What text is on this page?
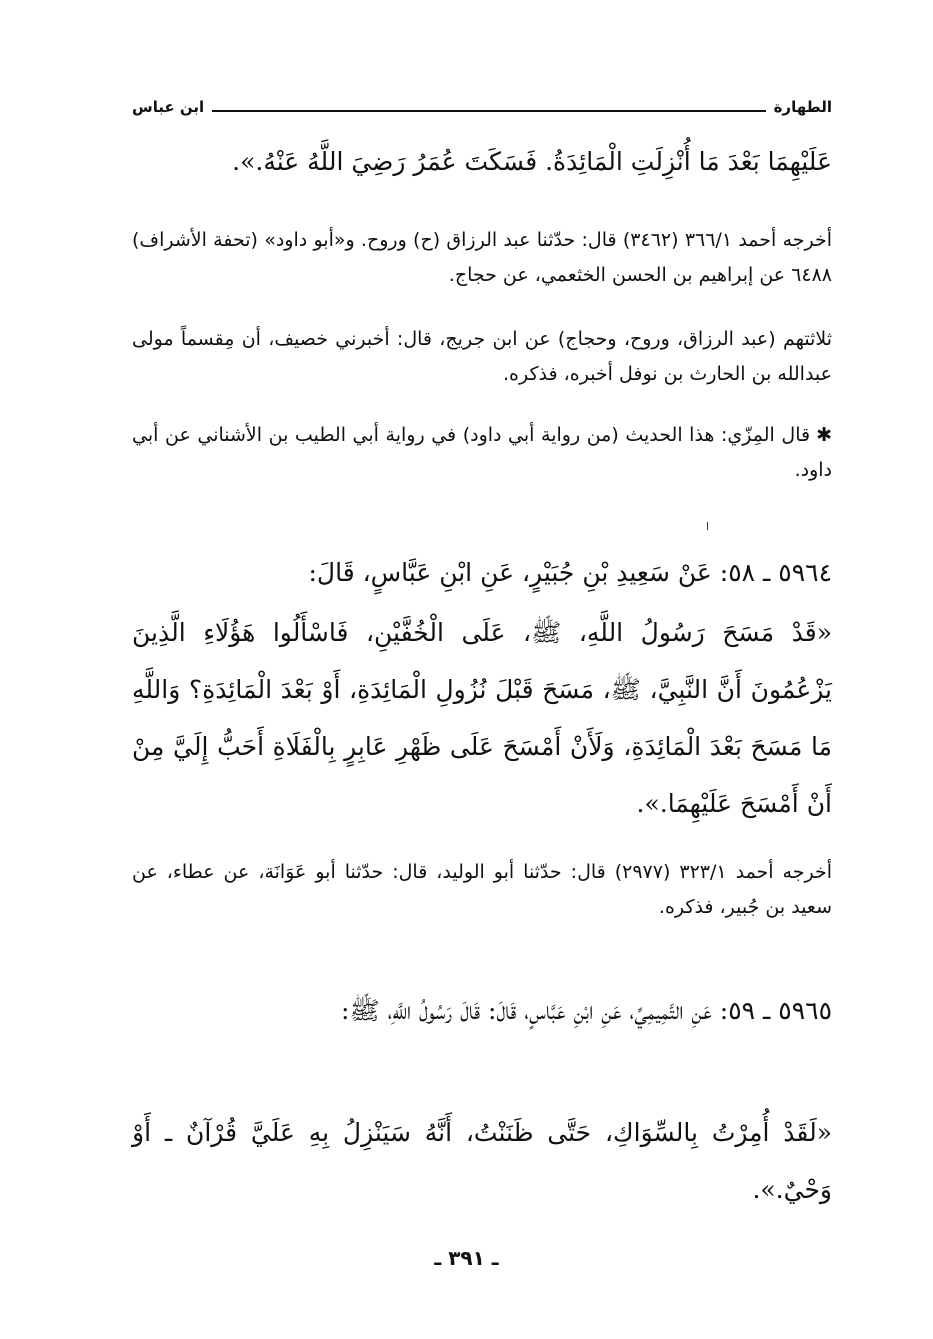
الطهارة
ابن عباس
عَلَيْهِمَا بَعْدَ مَا أُنْزِلَتِ الْمَائِدَةُ. فَسَكَتَ عُمَرُ رَضِيَ اللَّهُ عَنْهُ.».
أخرجه أحمد ٣٦٦/١ (٣٤٦٢) قال: حدّثنا عبد الرزاق (ح) وروح. و«أبو داود» (تحفة الأشراف) ٦٤٨٨ عن إبراهيم بن الحسن الخثعمي، عن حجاج.
ثلاثتهم (عبد الرزاق، وروح، وحجاج) عن ابن جريج، قال: أخبرني خصيف، أن مِقسماً مولى عبدالله بن الحارث بن نوفل أخبره، فذكره.
✱قال المِزّي: هذا الحديث (من رواية أبي داود) في رواية أبي الطيب بن الأشناني عن أبي داود.
٥٩٦٤ ـ ٥٨: عَنْ سَعِيدِ بْنِ جُبَيْرٍ، عَنِ ابْنِ عَبَّاسٍ، قَالَ:
«قَدْ مَسَحَ رَسُولُ اللَّهِ، ﷺ، عَلَى الْخُفَّيْنِ، فَاسْأَلُوا هَؤُلَاءِ الَّذِينَ يَزْعُمُونَ أَنَّ النَّبِيَّ، ﷺ، مَسَحَ قَبْلَ نُزُولِ الْمَائِدَةِ، أَوْ بَعْدَ الْمَائِدَةِ؟ وَاللَّهِ مَا مَسَحَ بَعْدَ الْمَائِدَةِ، وَلَأَنْ أَمْسَحَ عَلَى ظَهْرِ عَابِرٍ بِالْفَلَاةِ أَحَبُّ إِلَيَّ مِنْ أَنْ أَمْسَحَ عَلَيْهِمَا.».
أخرجه أحمد ٣٢٣/١ (٢٩٧٧) قال: حدّثنا أبو الوليد، قال: حدّثنا أبو عَوَانَة، عن عطاء، عن سعيد بن جُبير، فذكره.
٥٩٦٥ ـ ٥٩: عَنِ التَّمِيمِيِّ، عَنِ ابْنِ عَبَّاسٍ، قَالَ: قَالَ رَسُولُ اللَّهِ، ﷺ:
«لَقَدْ أُمِرْتُ بِالسِّوَاكِ، حَتَّى ظَنَنْتُ، أَنَّهُ سَيَنْزِلُ بِهِ عَلَيَّ قُرْآنٌ ـ أَوْ وَحْيٌ.».
ـ ٣٩١ ـ
